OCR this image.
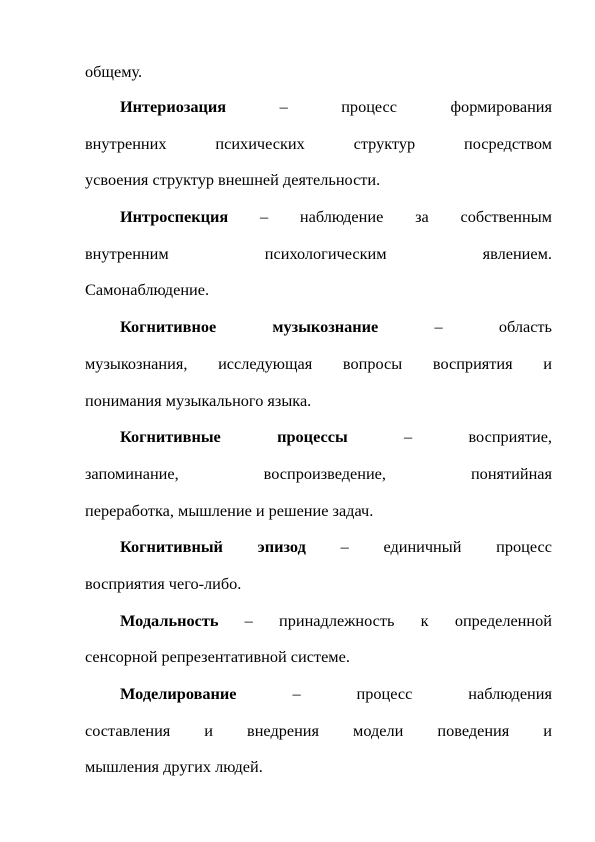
общему.
Интериозация	–	процесс	формирования
внутренних	психических	структур	посредством
усвоения структур внешней деятельности.
Интроспекция – наблюдение за собственным
внутренним	психологическим	явлением.
Самонаблюдение.
Когнитивное	музыкознание	–	область
музыкознания, исследующая вопросы восприятия и
понимания музыкального языка.
Когнитивные	процессы	–	восприятие,
запоминание,	воспроизведение,	понятийная
переработка, мышление и решение задач.
Когнитивный эпизод – единичный процесс
восприятия чего-либо.
Модальность – принадлежность к определенной
сенсорной репрезентативной системе.
Моделирование	–	процесс	наблюдения
составления и внедрения модели поведения и
мышления других людей.
